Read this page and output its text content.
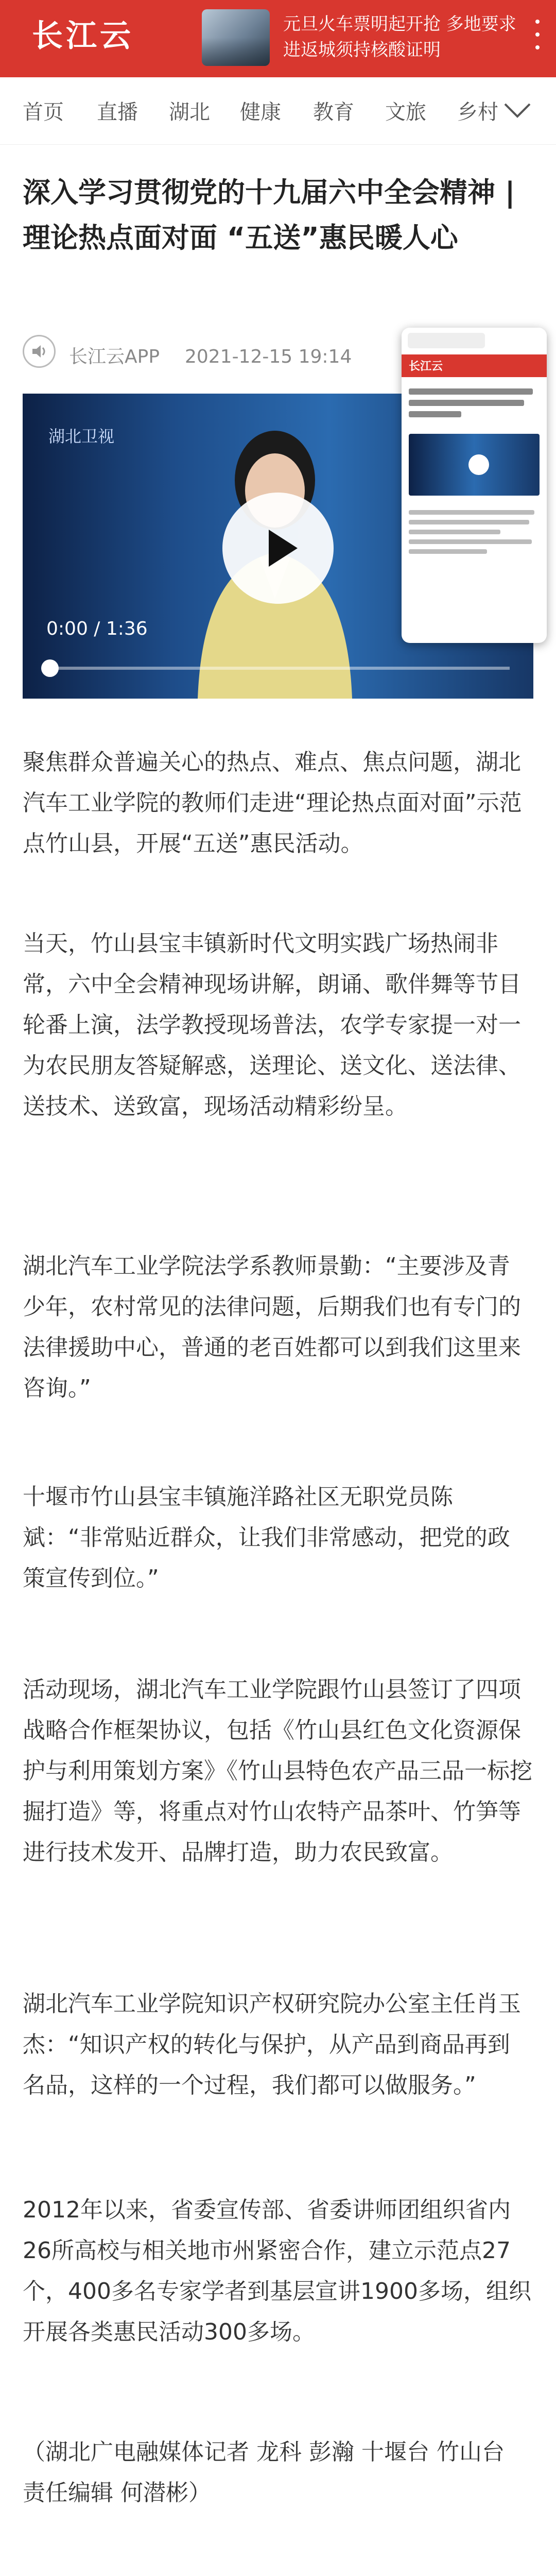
长江云	元旦火车票明起开抢 多地要求进返城须持核酸证明
首页 直播 湖北 健康 教育 文旅 乡村
深入学习贯彻党的十九届六中全会精神 | 理论热点面对面 “五送”惠民暖人心
长江云APP 2021-12-15 19:14
湖北卫视
0:00 / 1:36
长江云
分享截屏
聚焦群众普遍关心的热点、难点、焦点问题，湖北汽车工业学院的教师们走进“理论热点面对面”示范点竹山县，开展“五送”惠民活动。
当天，竹山县宝丰镇新时代文明实践广场热闹非常，六中全会精神现场讲解，朗诵、歌伴舞等节目轮番上演，法学教授现场普法，农学专家提一对一为农民朋友答疑解惑，送理论、送文化、送法律、送技术、送致富，现场活动精彩纷呈。
湖北汽车工业学院法学系教师景勤：“主要涉及青少年，农村常见的法律问题，后期我们也有专门的法律援助中心，普通的老百姓都可以到我们这里来咨询。”
十堰市竹山县宝丰镇施洋路社区无职党员陈斌：“非常贴近群众，让我们非常感动，把党的政策宣传到位。”
活动现场，湖北汽车工业学院跟竹山县签订了四项战略合作框架协议，包括《竹山县红色文化资源保护与利用策划方案》《竹山县特色农产品三品一标挖掘打造》等，将重点对竹山农特产品茶叶、竹笋等进行技术发开、品牌打造，助力农民致富。
湖北汽车工业学院知识产权研究院办公室主任肖玉杰：“知识产权的转化与保护，从产品到商品再到名品，这样的一个过程，我们都可以做服务。”
2012年以来，省委宣传部、省委讲师团组织省内26所高校与相关地市州紧密合作，建立示范点27个，400多名专家学者到基层宣讲1900多场，组织开展各类惠民活动300多场。
（湖北广电融媒体记者 龙科 彭瀚 十堰台 竹山台 责任编辑 何潜彬）
